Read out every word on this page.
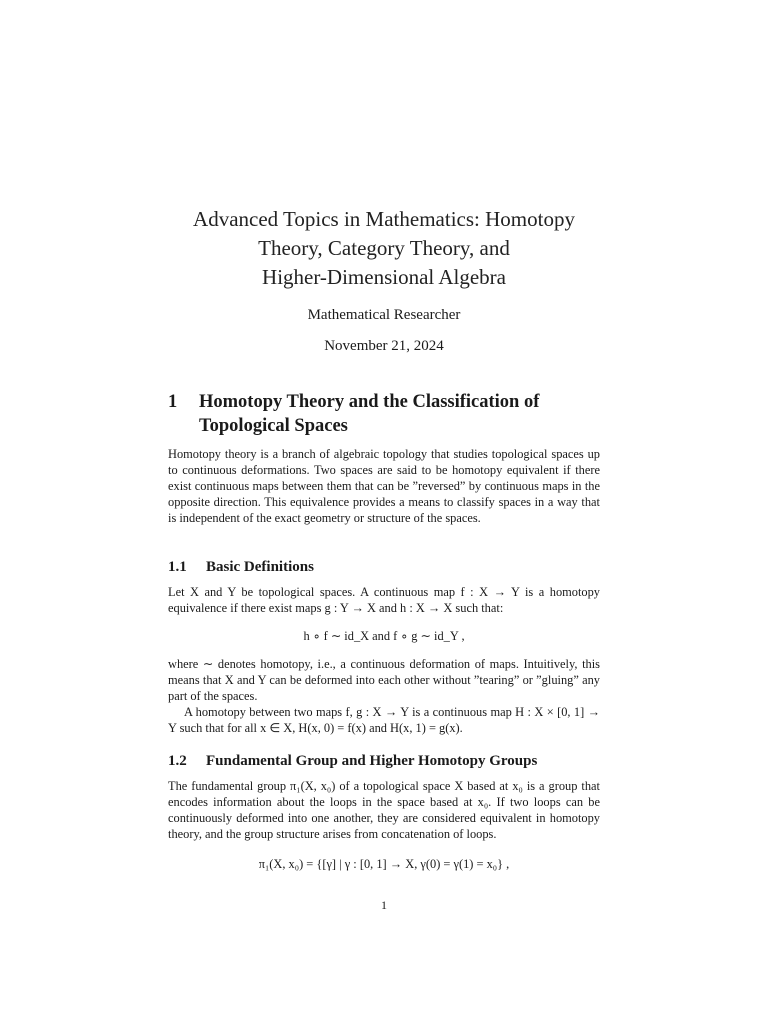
Advanced Topics in Mathematics: Homotopy
Theory, Category Theory, and
Higher-Dimensional Algebra
Mathematical Researcher
November 21, 2024
1 Homotopy Theory and the Classification of Topological Spaces
Homotopy theory is a branch of algebraic topology that studies topological spaces up to continuous deformations. Two spaces are said to be homotopy equivalent if there exist continuous maps between them that can be ”reversed” by continuous maps in the opposite direction. This equivalence provides a means to classify spaces in a way that is independent of the exact geometry or structure of the spaces.
1.1 Basic Definitions
Let X and Y be topological spaces. A continuous map f : X → Y is a homotopy equivalence if there exist maps g : Y → X and h : X → X such that:
h ∘ f ∼ id_X and f ∘ g ∼ id_Y ,
where ∼ denotes homotopy, i.e., a continuous deformation of maps. Intuitively, this means that X and Y can be deformed into each other without ”tearing” or ”gluing” any part of the spaces.
A homotopy between two maps f, g : X → Y is a continuous map H : X × [0, 1] → Y such that for all x ∈ X, H(x, 0) = f(x) and H(x, 1) = g(x).
1.2 Fundamental Group and Higher Homotopy Groups
The fundamental group π₁(X, x₀) of a topological space X based at x₀ is a group that encodes information about the loops in the space based at x₀. If two loops can be continuously deformed into one another, they are considered equivalent in homotopy theory, and the group structure arises from concatenation of loops.
π₁(X, x₀) = {[γ] | γ : [0, 1] → X, γ(0) = γ(1) = x₀} ,
1
